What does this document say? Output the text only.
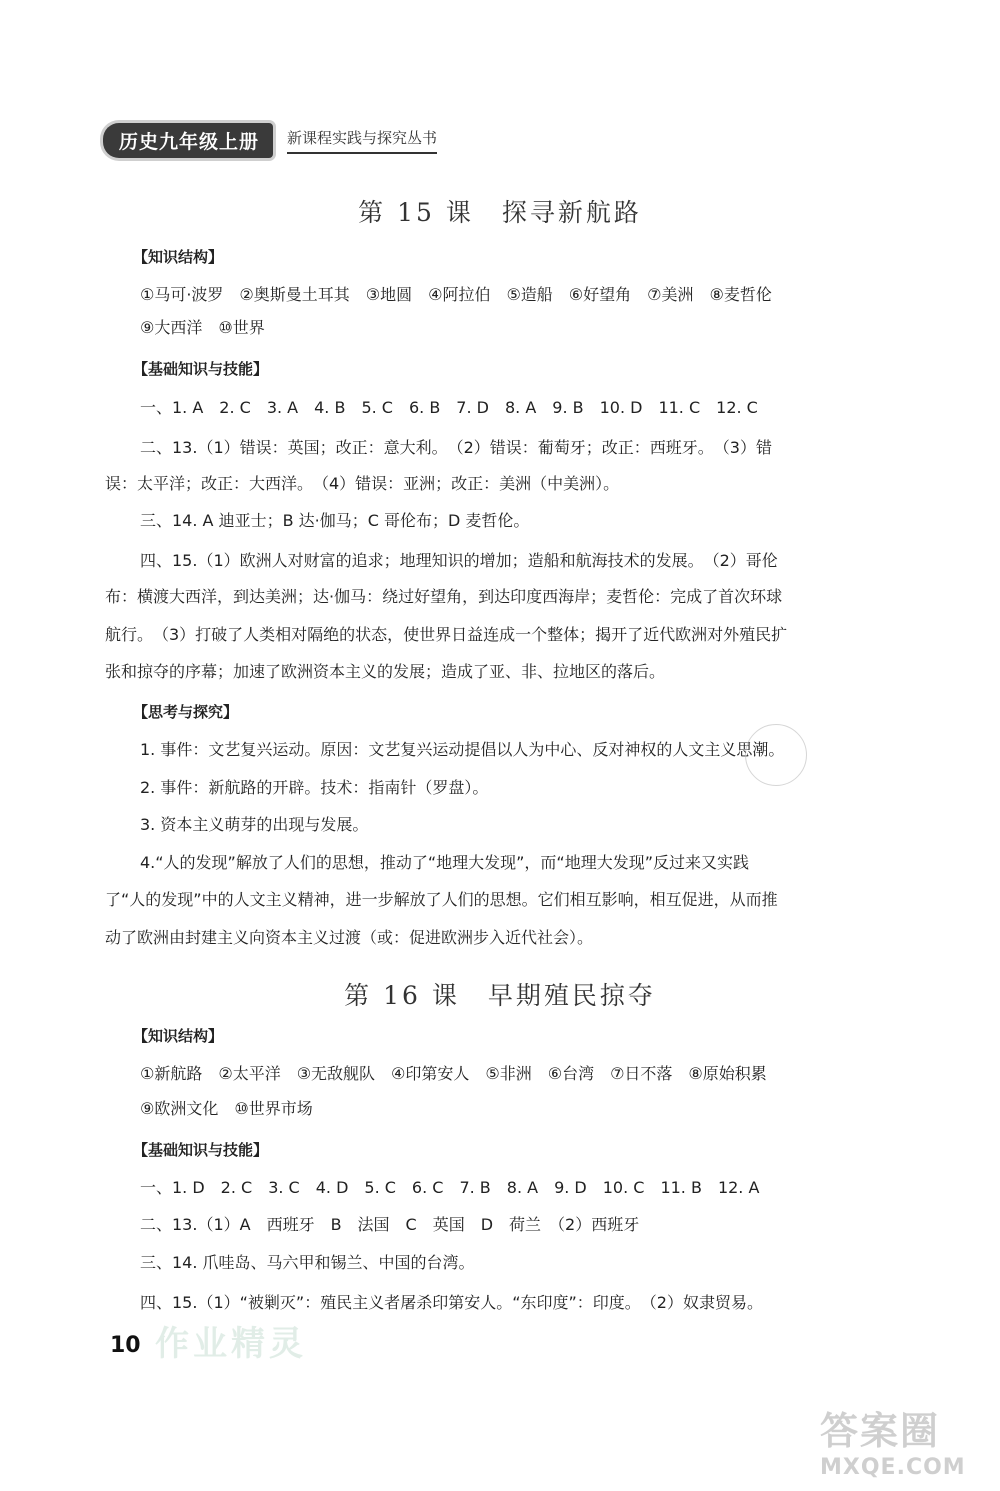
历史九年级上册	新课程实践与探究丛书
第 15 课　探寻新航路
【知识结构】
①马可·波罗　②奥斯曼土耳其　③地圆　④阿拉伯　⑤造船　⑥好望角　⑦美洲　⑧麦哲伦
⑨大西洋　⑩世界
【基础知识与技能】
一、1. A　2. C　3. A　4. B　5. C　6. B　7. D　8. A　9. B　10. D　11. C　12. C
二、13.（1）错误：英国；改正：意大利。　（2）错误：葡萄牙；改正：西班牙。　（3）错
误：太平洋；改正：大西洋。　（4）错误：亚洲；改正：美洲（中美洲）。
三、14. A 迪亚士；B 达·伽马；C 哥伦布；D 麦哲伦。
四、15.（1）欧洲人对财富的追求；地理知识的增加；造船和航海技术的发展。　（2）哥伦
布：横渡大西洋，到达美洲；达·伽马：绕过好望角，到达印度西海岸；麦哲伦：完成了首次环球
航行。　（3）打破了人类相对隔绝的状态，使世界日益连成一个整体；揭开了近代欧洲对外殖民扩
张和掠夺的序幕；加速了欧洲资本主义的发展；造成了亚、非、拉地区的落后。
【思考与探究】
1. 事件：文艺复兴运动。原因：文艺复兴运动提倡以人为中心、反对神权的人文主义思潮。
2. 事件：新航路的开辟。技术：指南针（罗盘）。
3. 资本主义萌芽的出现与发展。
4.“人的发现”解放了人们的思想，推动了“地理大发现”，而“地理大发现”反过来又实践
了“人的发现”中的人文主义精神，进一步解放了人们的思想。它们相互影响，相互促进，从而推
动了欧洲由封建主义向资本主义过渡（或：促进欧洲步入近代社会）。
第 16 课　早期殖民掠夺
【知识结构】
①新航路　②太平洋　③无敌舰队　④印第安人　⑤非洲　⑥台湾　⑦日不落　⑧原始积累
⑨欧洲文化　⑩世界市场
【基础知识与技能】
一、1. D　2. C　3. C　4. D　5. C　6. C　7. B　8. A　9. D　10. C　11. B　12. A
二、13.（1）A　西班牙　B　法国　C　英国　D　荷兰　（2）西班牙
三、14. 爪哇岛、马六甲和锡兰、中国的台湾。
四、15.（1）“被剿灭”：殖民主义者屠杀印第安人。“东印度”：印度。　（2）奴隶贸易。
作业精灵
10
答案圈
MXQE.COM
